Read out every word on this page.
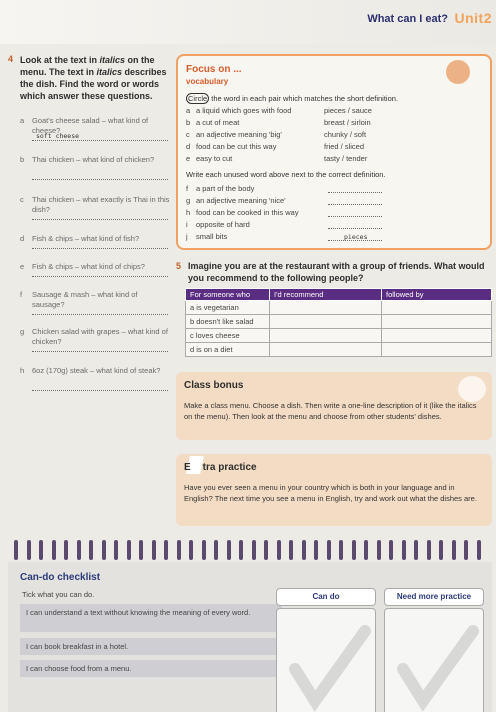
What can I eat? Unit2
4 Look at the text in italics on the menu. The text in italics describes the dish. Find the word or words which answer these questions.
a Goat's cheese salad – what kind of cheese?
soft cheese
b Thai chicken – what kind of chicken?
c Thai chicken – what exactly is Thai in this dish?
d Fish & chips – what kind of fish?
e Fish & chips – what kind of chips?
f Sausage & mash – what kind of sausage?
g Chicken salad with grapes – what kind of chicken?
h 6oz (170g) steak – what kind of steak?
Focus on ...
vocabulary
Circle the word in each pair which matches the short definition.
a a liquid which goes with food	pieces / sauce
b a cut of meat	breast / sirloin
c an adjective meaning 'big'	chunky / soft
d food can be cut this way	fried / sliced
e easy to cut	tasty / tender
Write each unused word above next to the correct definition.
f a part of the body
g an adjective meaning 'nice'
h food can be cooked in this way
i opposite of hard
j small bits	pieces
5 Imagine you are at the restaurant with a group of friends. What would you recommend to the following people?
For someone who	I'd recommend	followed by
a is vegetarian		
b doesn't like salad		
c loves cheese		
d is on a diet		
Class bonus
Make a class menu. Choose a dish. Then write a one-line description of it (like the italics on the menu). Then look at the menu and choose from other students' dishes.
E tra practice
Have you ever seen a menu in your country which is both in your language and in English? The next time you see a menu in English, try and work out what the dishes are.
Can-do checklist
Tick what you can do.
I can understand a text without knowing the meaning of every word.
I can book breakfast in a hotel.
I can choose food from a menu.
Can do	Need more practice
